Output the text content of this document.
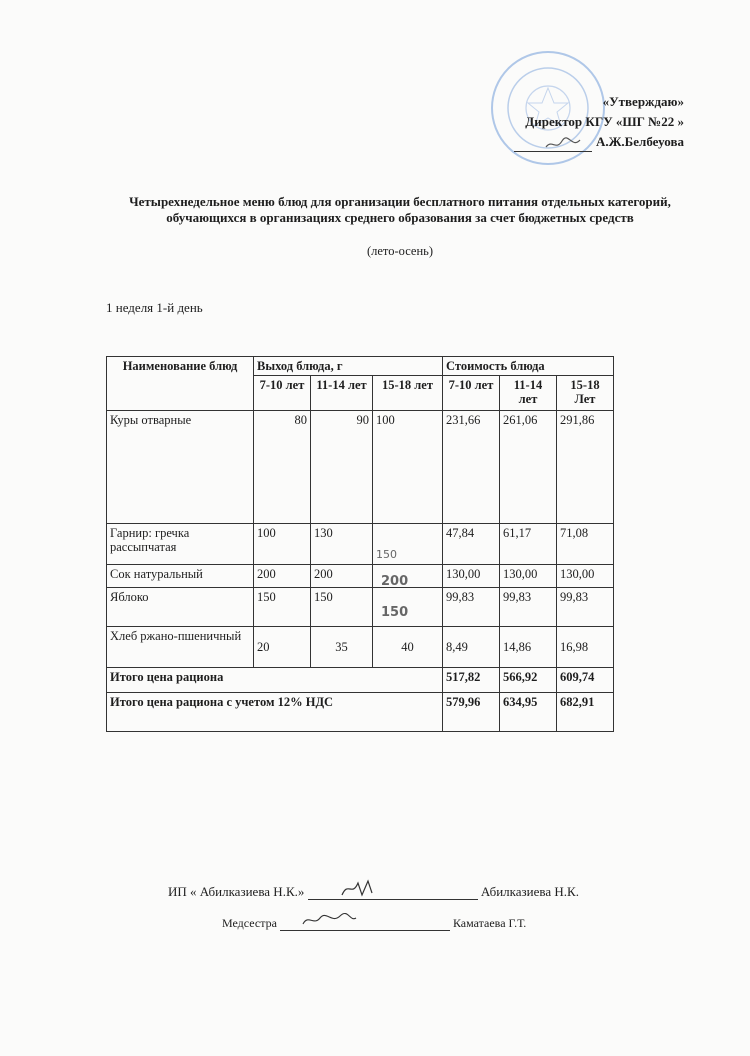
«Утверждаю»
Директор КГУ «ШГ №22 »
А.Ж.Белбеуова
Четырехнедельное меню блюд для организации бесплатного питания отдельных категорий, обучающихся в организациях среднего образования за счет бюджетных средств
(лето-осень)
1 неделя 1-й день
Наименование блюд	Выход блюда, г			Стоимость блюда		
	7-10 лет	11-14 лет	15-18 лет	7-10 лет	11-14 лет	15-18 Лет
Куры отварные	80	90	100	231,66	261,06	291,86
Гарнир: гречка рассыпчатая	100	130	150	47,84	61,17	71,08
Сок натуральный	200	200	200	130,00	130,00	130,00
Яблоко	150	150	150	99,83	99,83	99,83
Хлеб ржано-пшеничный	20	35	40	8,49	14,86	16,98
Итого цена рациона				517,82	566,92	609,74
Итого цена рациона с учетом 12% НДС				579,96	634,95	682,91
ИП « Абилказиева Н.К.»	Абилказиева Н.К.
Медсестра	Каматаева Г.Т.
